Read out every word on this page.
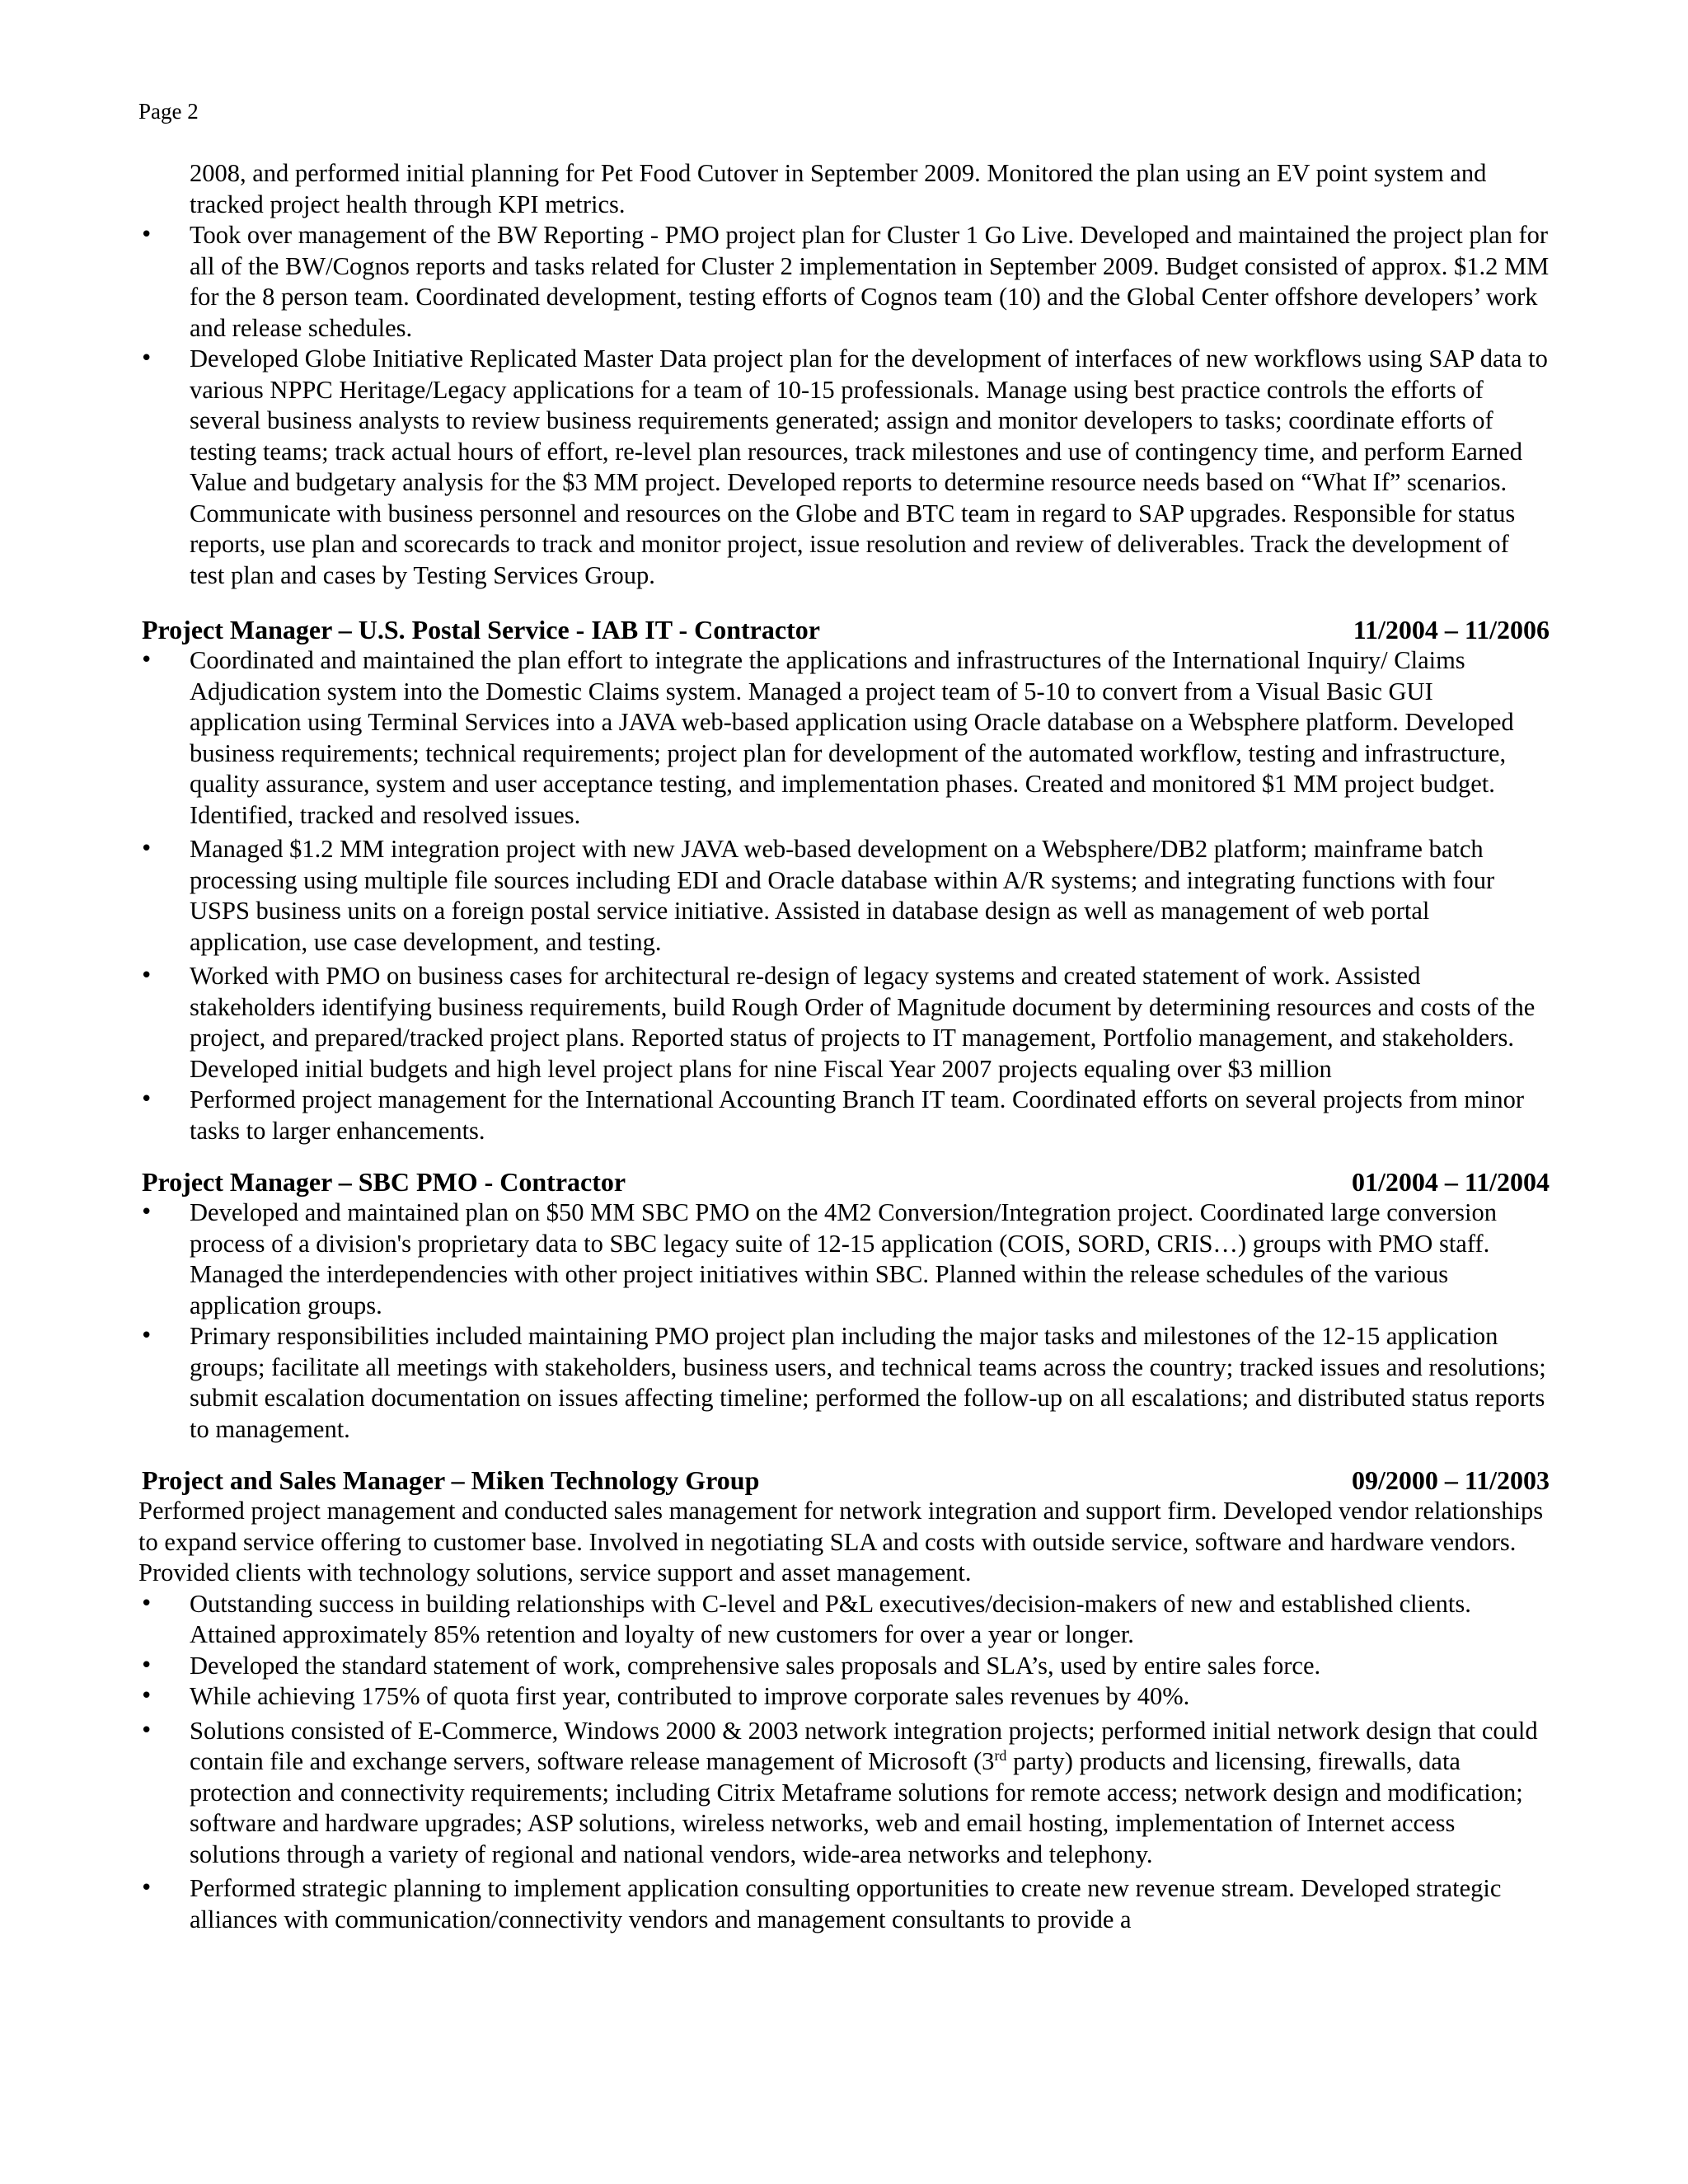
Page 2

2008, and performed initial planning for Pet Food Cutover in September 2009. Monitored the plan using an EV point system and tracked project health through KPI metrics.

• Took over management of the BW Reporting - PMO project plan for Cluster 1 Go Live. Developed and maintained the project plan for all of the BW/Cognos reports and tasks related for Cluster 2 implementation in September 2009. Budget consisted of approx. $1.2 MM for the 8 person team. Coordinated development, testing efforts of Cognos team (10) and the Global Center offshore developers’ work and release schedules.
• Developed Globe Initiative Replicated Master Data project plan for the development of interfaces of new workflows using SAP data to various NPPC Heritage/Legacy applications for a team of 10-15 professionals. Manage using best practice controls the efforts of several business analysts to review business requirements generated; assign and monitor developers to tasks; coordinate efforts of testing teams; track actual hours of effort, re-level plan resources, track milestones and use of contingency time, and perform Earned Value and budgetary analysis for the $3 MM project. Developed reports to determine resource needs based on “What If” scenarios. Communicate with business personnel and resources on the Globe and BTC team in regard to SAP upgrades. Responsible for status reports, use plan and scorecards to track and monitor project, issue resolution and review of deliverables. Track the development of test plan and cases by Testing Services Group.
Project Manager – U.S. Postal Service - IAB IT - Contractor	11/2004 – 11/2006
• Coordinated and maintained the plan effort to integrate the applications and infrastructures of the International Inquiry/ Claims Adjudication system into the Domestic Claims system. Managed a project team of 5-10 to convert from a Visual Basic GUI application using Terminal Services into a JAVA web-based application using Oracle database on a Websphere platform. Developed business requirements; technical requirements; project plan for development of the automated workflow, testing and infrastructure, quality assurance, system and user acceptance testing, and implementation phases. Created and monitored $1 MM project budget. Identified, tracked and resolved issues.
• Managed $1.2 MM integration project with new JAVA web-based development on a Websphere/DB2 platform; mainframe batch processing using multiple file sources including EDI and Oracle database within A/R systems; and integrating functions with four USPS business units on a foreign postal service initiative. Assisted in database design as well as management of web portal application, use case development, and testing.
• Worked with PMO on business cases for architectural re-design of legacy systems and created statement of work. Assisted stakeholders identifying business requirements, build Rough Order of Magnitude document by determining resources and costs of the project, and prepared/tracked project plans. Reported status of projects to IT management, Portfolio management, and stakeholders. Developed initial budgets and high level project plans for nine Fiscal Year 2007 projects equaling over $3 million
• Performed project management for the International Accounting Branch IT team. Coordinated efforts on several projects from minor tasks to larger enhancements.
Project Manager – SBC PMO - Contractor	01/2004 – 11/2004
• Developed and maintained plan on $50 MM SBC PMO on the 4M2 Conversion/Integration project. Coordinated large conversion process of a division's proprietary data to SBC legacy suite of 12-15 application (COIS, SORD, CRIS…) groups with PMO staff. Managed the interdependencies with other project initiatives within SBC. Planned within the release schedules of the various application groups.
• Primary responsibilities included maintaining PMO project plan including the major tasks and milestones of the 12-15 application groups; facilitate all meetings with stakeholders, business users, and technical teams across the country; tracked issues and resolutions; submit escalation documentation on issues affecting timeline; performed the follow-up on all escalations; and distributed status reports to management.
Project and Sales Manager – Miken Technology Group	09/2000 – 11/2003

Performed project management and conducted sales management for network integration and support firm. Developed vendor relationships to expand service offering to customer base. Involved in negotiating SLA and costs with outside service, software and hardware vendors. Provided clients with technology solutions, service support and asset management.

• Outstanding success in building relationships with C-level and P&L executives/decision-makers of new and established clients. Attained approximately 85% retention and loyalty of new customers for over a year or longer.
• Developed the standard statement of work, comprehensive sales proposals and SLA’s, used by entire sales force.
• While achieving 175% of quota first year, contributed to improve corporate sales revenues by 40%.
• Solutions consisted of E-Commerce, Windows 2000 & 2003 network integration projects; performed initial network design that could contain file and exchange servers, software release management of Microsoft (3rd party) products and licensing, firewalls, data protection and connectivity requirements; including Citrix Metaframe solutions for remote access; network design and modification; software and hardware upgrades; ASP solutions, wireless networks, web and email hosting, implementation of Internet access solutions through a variety of regional and national vendors, wide-area networks and telephony.
• Performed strategic planning to implement application consulting opportunities to create new revenue stream. Developed strategic alliances with communication/connectivity vendors and management consultants to provide a
